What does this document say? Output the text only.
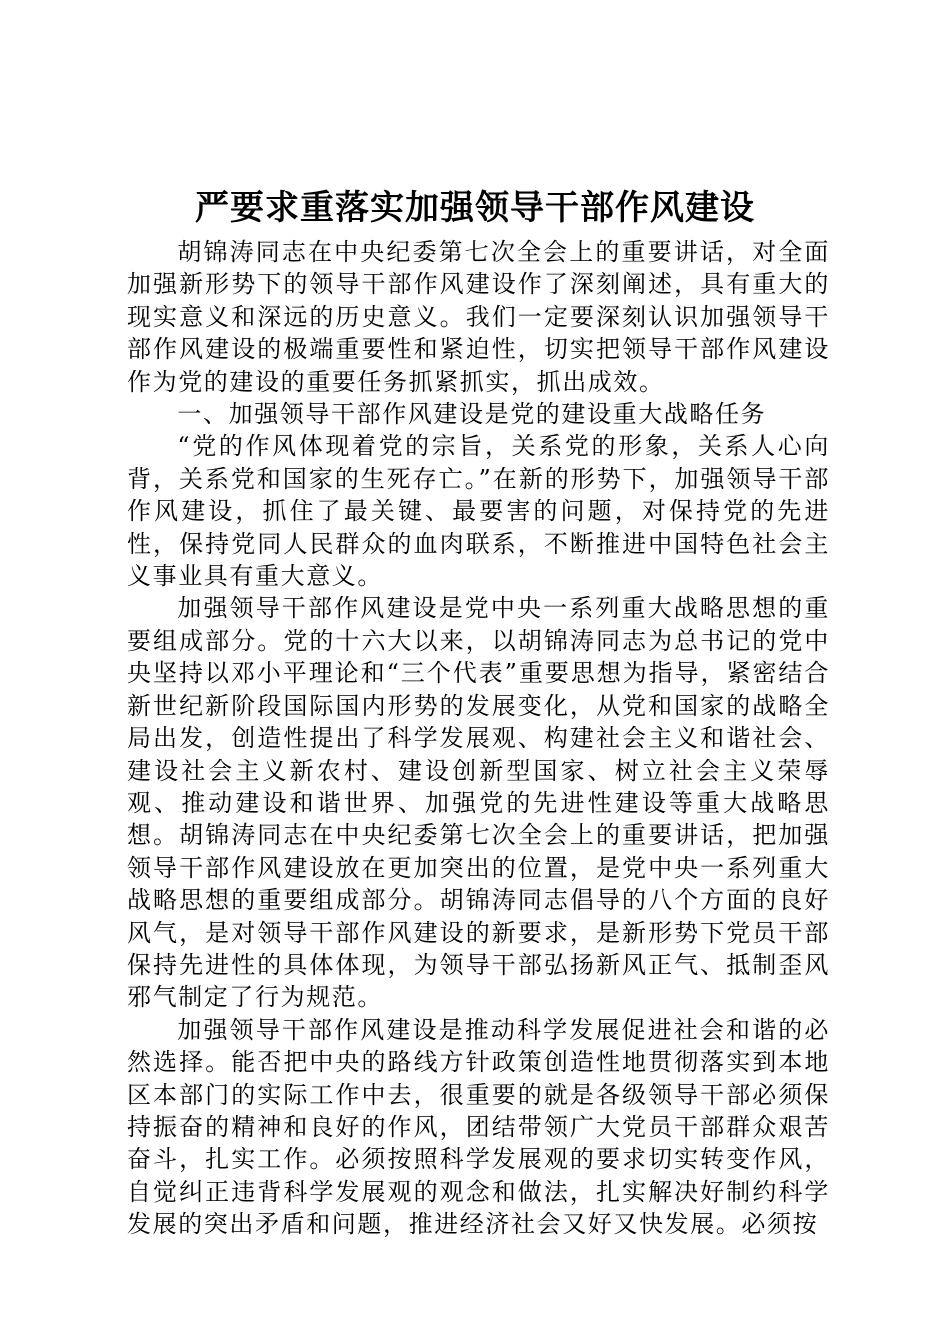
严要求重落实加强领导干部作风建设

胡锦涛同志在中央纪委第七次全会上的重要讲话，对全面加强新形势下的领导干部作风建设作了深刻阐述，具有重大的现实意义和深远的历史意义。我们一定要深刻认识加强领导干部作风建设的极端重要性和紧迫性，切实把领导干部作风建设作为党的建设的重要任务抓紧抓实，抓出成效。

一、加强领导干部作风建设是党的建设重大战略任务

“党的作风体现着党的宗旨，关系党的形象，关系人心向背，关系党和国家的生死存亡。”在新的形势下，加强领导干部作风建设，抓住了最关键、最要害的问题，对保持党的先进性，保持党同人民群众的血肉联系，不断推进中国特色社会主义事业具有重大意义。

加强领导干部作风建设是党中央一系列重大战略思想的重要组成部分。党的十六大以来，以胡锦涛同志为总书记的党中央坚持以邓小平理论和“三个代表”重要思想为指导，紧密结合新世纪新阶段国际国内形势的发展变化，从党和国家的战略全局出发，创造性提出了科学发展观、构建社会主义和谐社会、建设社会主义新农村、建设创新型国家、树立社会主义荣辱观、推动建设和谐世界、加强党的先进性建设等重大战略思想。胡锦涛同志在中央纪委第七次全会上的重要讲话，把加强领导干部作风建设放在更加突出的位置，是党中央一系列重大战略思想的重要组成部分。胡锦涛同志倡导的八个方面的良好风气，是对领导干部作风建设的新要求，是新形势下党员干部保持先进性的具体体现，为领导干部弘扬新风正气、抵制歪风邪气制定了行为规范。

加强领导干部作风建设是推动科学发展促进社会和谐的必然选择。能否把中央的路线方针政策创造性地贯彻落实到本地区本部门的实际工作中去，很重要的就是各级领导干部必须保持振奋的精神和良好的作风，团结带领广大党员干部群众艰苦奋斗，扎实工作。必须按照科学发展观的要求切实转变作风，自觉纠正违背科学发展观的观念和做法，扎实解决好制约科学发展的突出矛盾和问题，推进经济社会又好又快发展。必须按
